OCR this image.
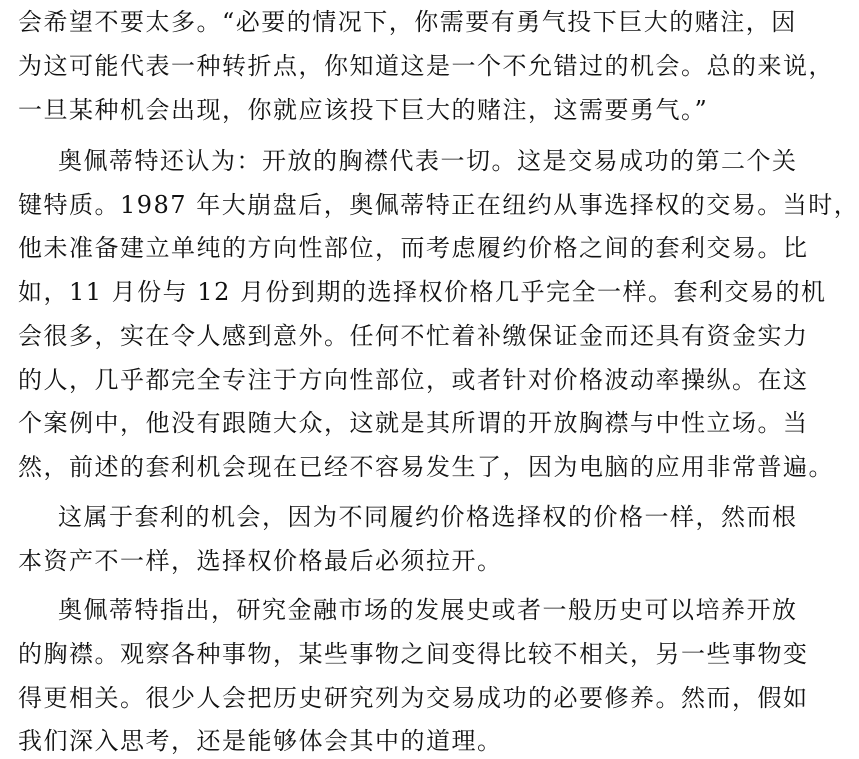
会希望不要太多。“必要的情况下，你需要有勇气投下巨大的赌注，因
为这可能代表一种转折点，你知道这是一个不允错过的机会。总的来说，
一旦某种机会出现，你就应该投下巨大的赌注，这需要勇气。”
奥佩蒂特还认为：开放的胸襟代表一切。这是交易成功的第二个关
键特质。1987 年大崩盘后，奥佩蒂特正在纽约从事选择权的交易。当时，
他未准备建立单纯的方向性部位，而考虑履约价格之间的套利交易。比
如，11 月份与 12 月份到期的选择权价格几乎完全一样。套利交易的机
会很多，实在令人感到意外。任何不忙着补缴保证金而还具有资金实力
的人，几乎都完全专注于方向性部位，或者针对价格波动率操纵。在这
个案例中，他没有跟随大众，这就是其所谓的开放胸襟与中性立场。当
然，前述的套利机会现在已经不容易发生了，因为电脑的应用非常普遍。
这属于套利的机会，因为不同履约价格选择权的价格一样，然而根
本资产不一样，选择权价格最后必须拉开。
奥佩蒂特指出，研究金融市场的发展史或者一般历史可以培养开放
的胸襟。观察各种事物，某些事物之间变得比较不相关，另一些事物变
得更相关。很少人会把历史研究列为交易成功的必要修养。然而，假如
我们深入思考，还是能够体会其中的道理。
